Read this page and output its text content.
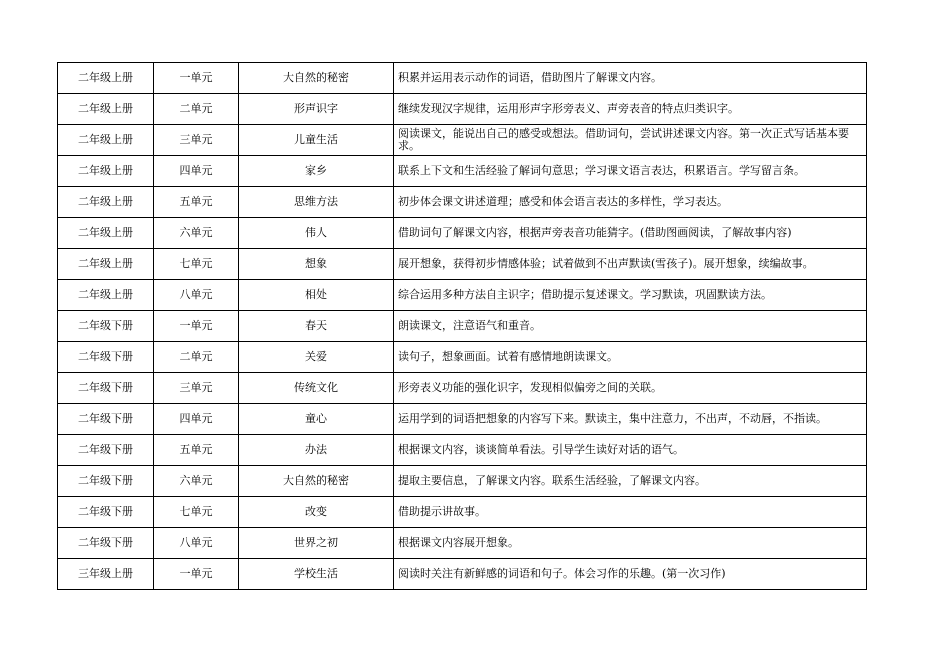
二年级上册	一单元	大自然的秘密	积累并运用表示动作的词语，借助图片了解课文内容。
二年级上册	二单元	形声识字	继续发现汉字规律，运用形声字形旁表义、声旁表音的特点归类识字。
二年级上册	三单元	儿童生活	阅读课文，能说出自己的感受或想法。借助词句，尝试讲述课文内容。第一次正式写话基本要求。
二年级上册	四单元	家乡	联系上下文和生活经验了解词句意思；学习课文语言表达，积累语言。学写留言条。
二年级上册	五单元	思维方法	初步体会课文讲述道理；感受和体会语言表达的多样性，学习表达。
二年级上册	六单元	伟人	借助词句了解课文内容，根据声旁表音功能猜字。(借助图画阅读，了解故事内容)
二年级上册	七单元	想象	展开想象，获得初步情感体验；试着做到不出声默读(雪孩子)。展开想象，续编故事。
二年级上册	八单元	相处	综合运用多种方法自主识字；借助提示复述课文。学习默读，巩固默读方法。
二年级下册	一单元	春天	朗读课文，注意语气和重音。
二年级下册	二单元	关爱	读句子，想象画面。试着有感情地朗读课文。
二年级下册	三单元	传统文化	形旁表义功能的强化识字，发现相似偏旁之间的关联。
二年级下册	四单元	童心	运用学到的词语把想象的内容写下来。默读主，集中注意力，不出声，不动唇，不指读。
二年级下册	五单元	办法	根据课文内容，谈谈简单看法。引导学生读好对话的语气。
二年级下册	六单元	大自然的秘密	提取主要信息，了解课文内容。联系生活经验，了解课文内容。
二年级下册	七单元	改变	借助提示讲故事。
二年级下册	八单元	世界之初	根据课文内容展开想象。
三年级上册	一单元	学校生活	阅读时关注有新鲜感的词语和句子。体会习作的乐趣。(第一次习作)
